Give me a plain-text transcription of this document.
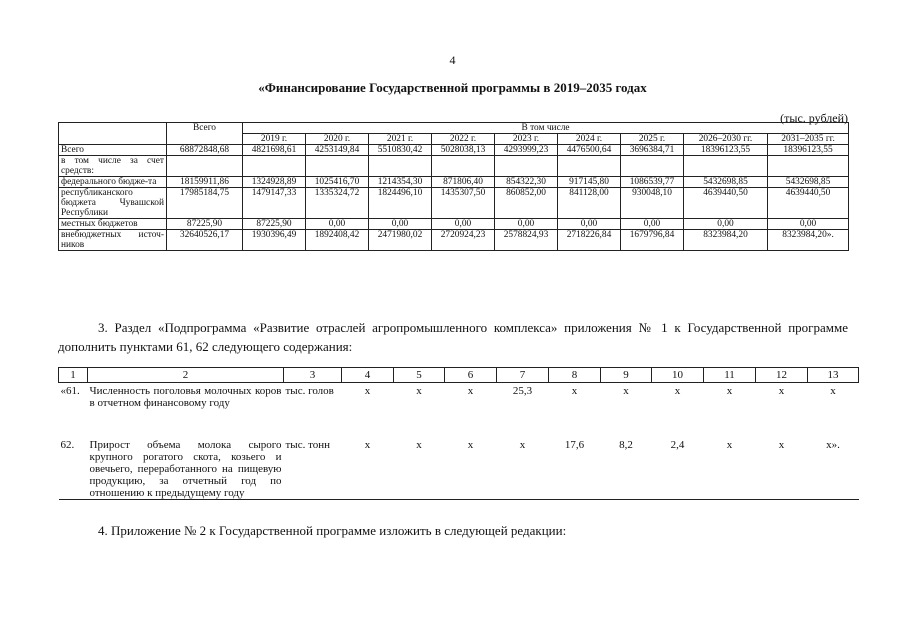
4
«Финансирование Государственной программы в 2019–2035 годах
(тыс. рублей)
	Всего	В том числе								
		2019 г.	2020 г.	2021 г.	2022 г.	2023 г.	2024 г.	2025 г.	2026–2030 гг.	2031–2035 гг.
Всего	68872848,68	4821698,61	4253149,84	5510830,42	5028038,13	4293999,23	4476500,64	3696384,71	18396123,55	18396123,55
в том числе за счет средств:										
федерального бюдже-та	18159911,86	1324928,89	1025416,70	1214354,30	871806,40	854322,30	917145,80	1086539,77	5432698,85	5432698,85
республиканского бюджета Чувашской Республики	17985184,75	1479147,33	1335324,72	1824496,10	1435307,50	860852,00	841128,00	930048,10	4639440,50	4639440,50
местных бюджетов	87225,90	87225,90	0,00	0,00	0,00	0,00	0,00	0,00	0,00	0,00
внебюджетных источ-ников	32640526,17	1930396,49	1892408,42	2471980,02	2720924,23	2578824,93	2718226,84	1679796,84	8323984,20	8323984,20».
3. Раздел «Подпрограмма «Развитие отраслей агропромышленного комплекса» приложения № 1 к Государственной программе дополнить пунктами 61, 62 следующего содержания:
1	2	3	4	5	6	7	8	9	10	11	12	13
«61.	Численность поголовья молочных коров в отчетном финансовому году	тыс. голов	x	x	x	25,3	x	x	x	x	x	x

62.	Прирост объема молока сырого крупного рогатого скота, козьего и овечьего, переработанного на пищевую продукцию, за отчетный год по отношению к предыдущему году	тыс. тонн	x	x	x	x	17,6	8,2	2,4	x	x	x».
4. Приложение № 2 к Государственной программе изложить в следующей редакции:
